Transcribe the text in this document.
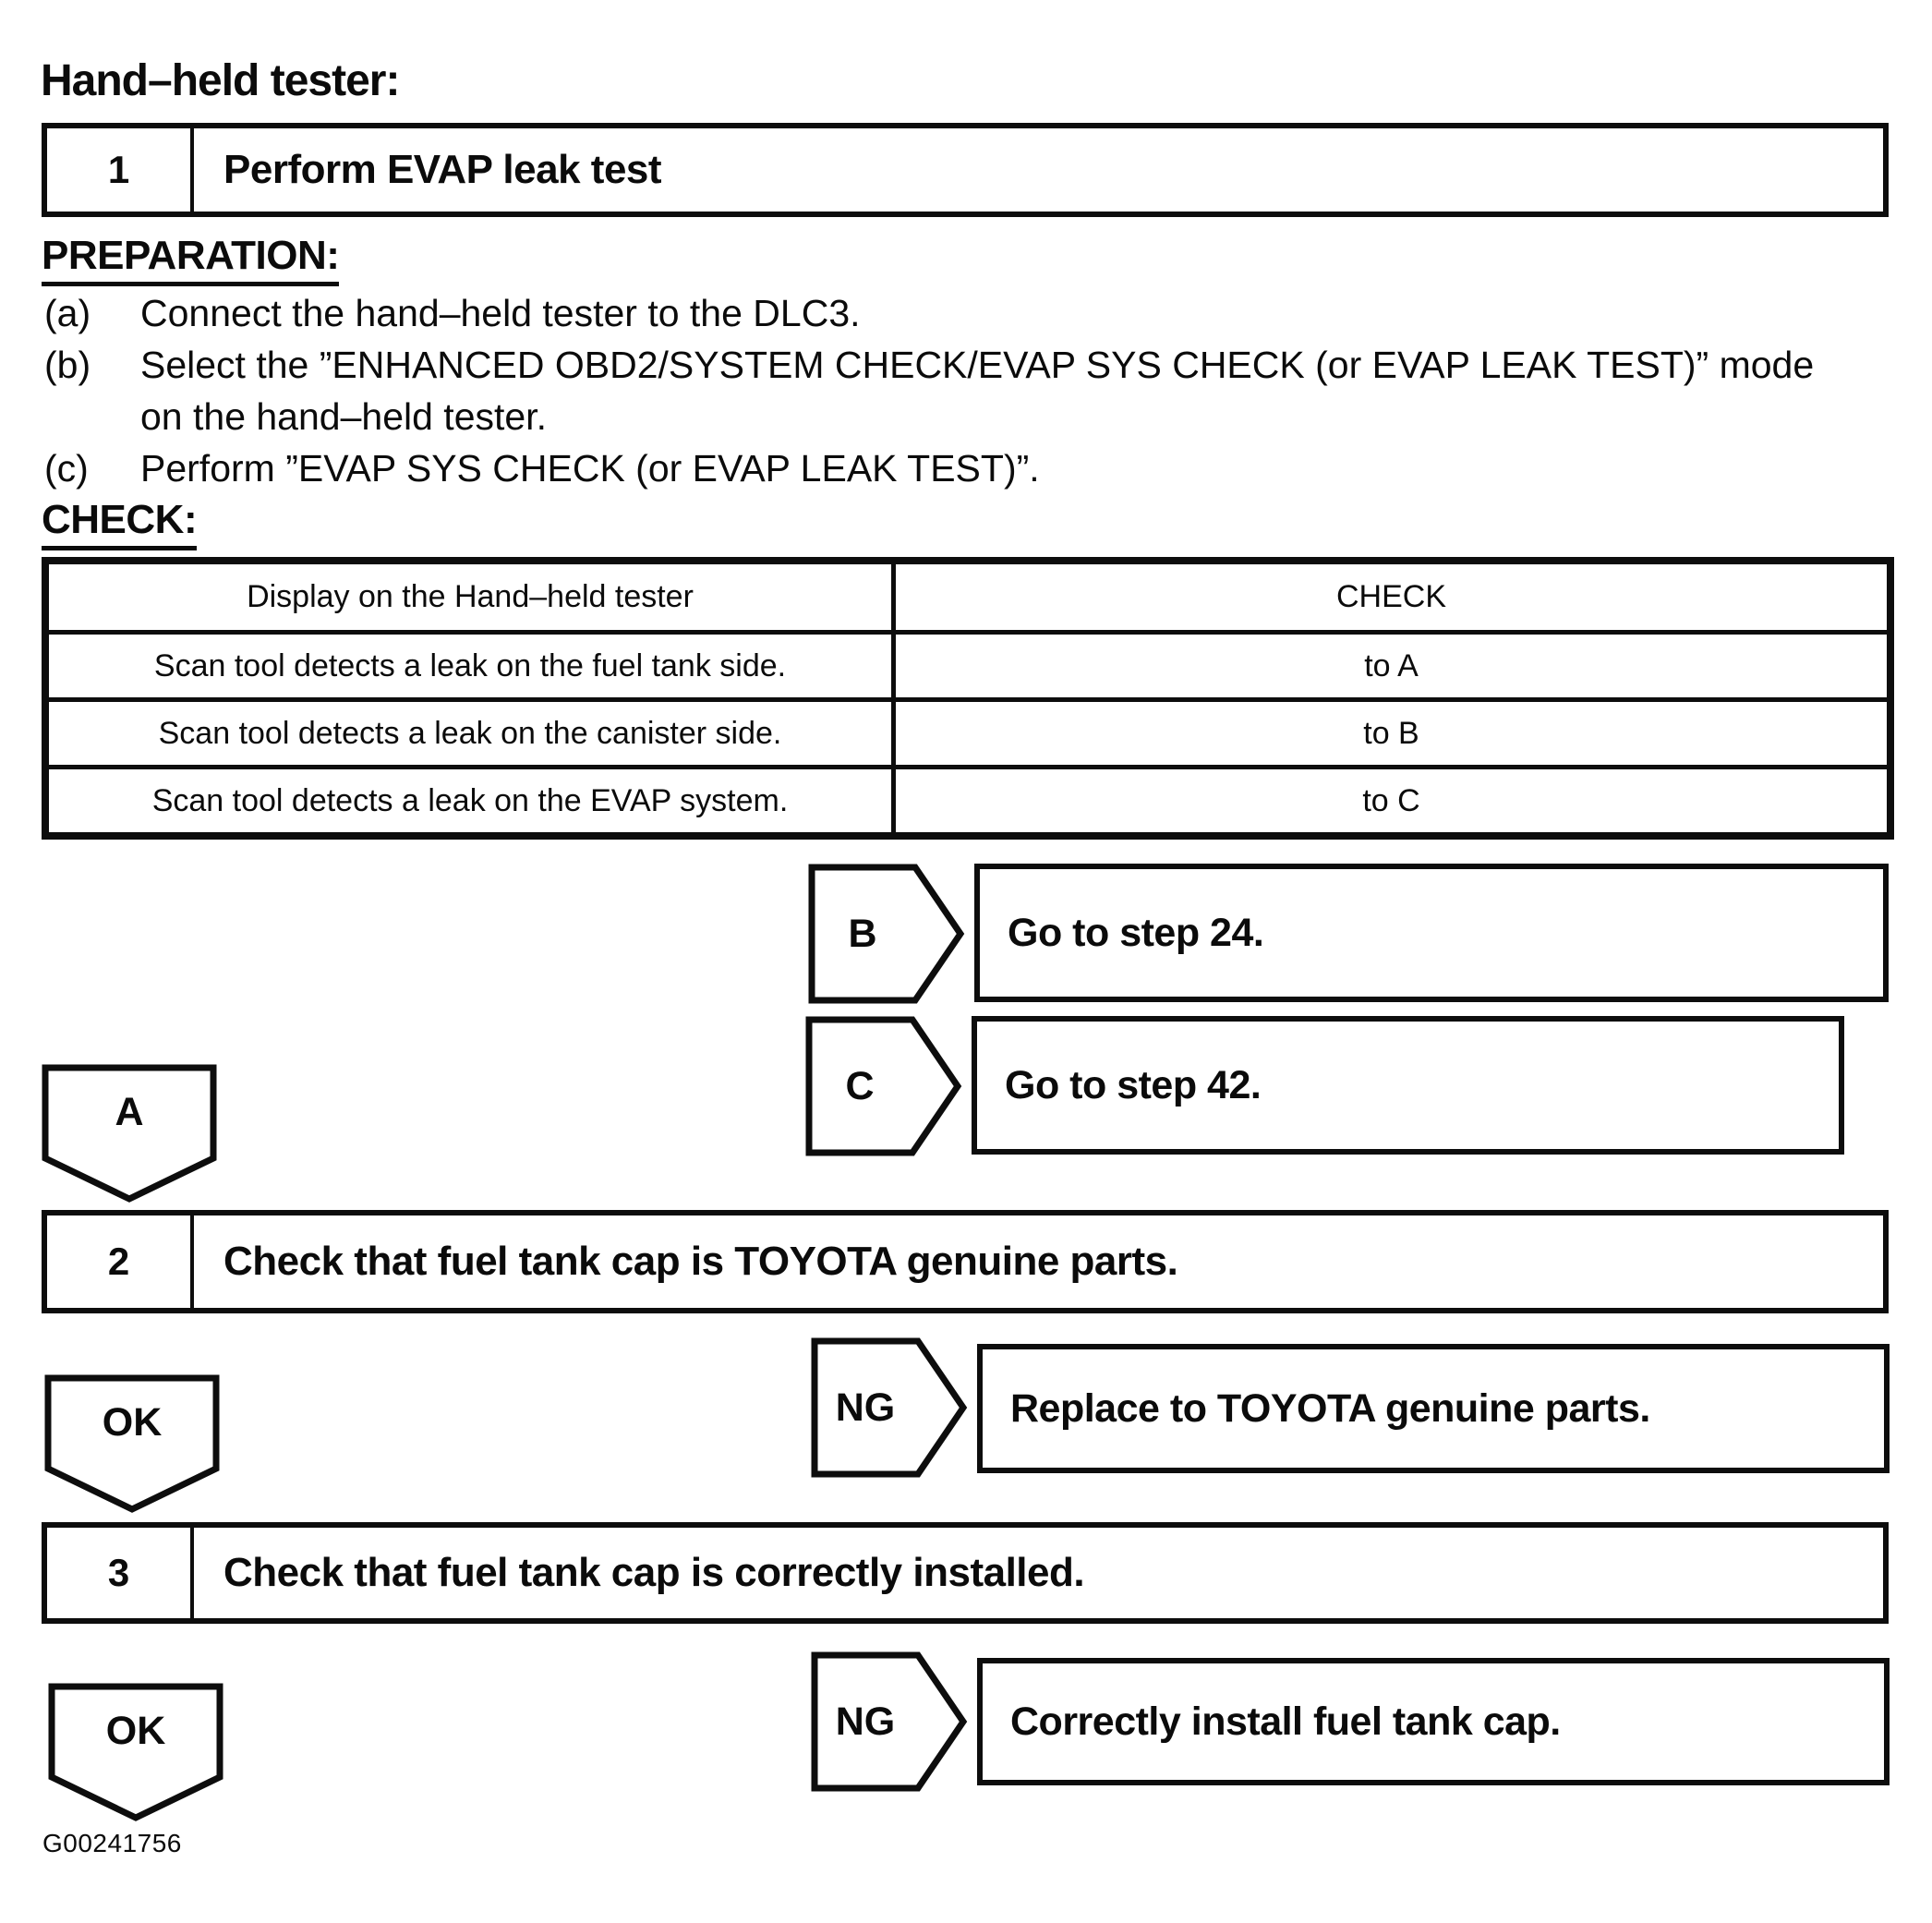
Hand–held tester:
1	Perform EVAP leak test
PREPARATION:
(a) Connect the hand–held tester to the DLC3.
(b) Select the ”ENHANCED OBD2/SYSTEM CHECK/EVAP SYS CHECK (or EVAP LEAK TEST)” mode
on the hand–held tester.
(c) Perform ”EVAP SYS CHECK (or EVAP LEAK TEST)”.
CHECK:
Display on the Hand–held tester	CHECK
Scan tool detects a leak on the fuel tank side.	to A
Scan tool detects a leak on the canister side.	to B
Scan tool detects a leak on the EVAP system.	to C
B	Go to step 24.
C	Go to step 42.
A
2	Check that fuel tank cap is TOYOTA genuine parts.
NG	Replace to TOYOTA genuine parts.
OK
3	Check that fuel tank cap is correctly installed.
NG	Correctly install fuel tank cap.
OK
G00241756
